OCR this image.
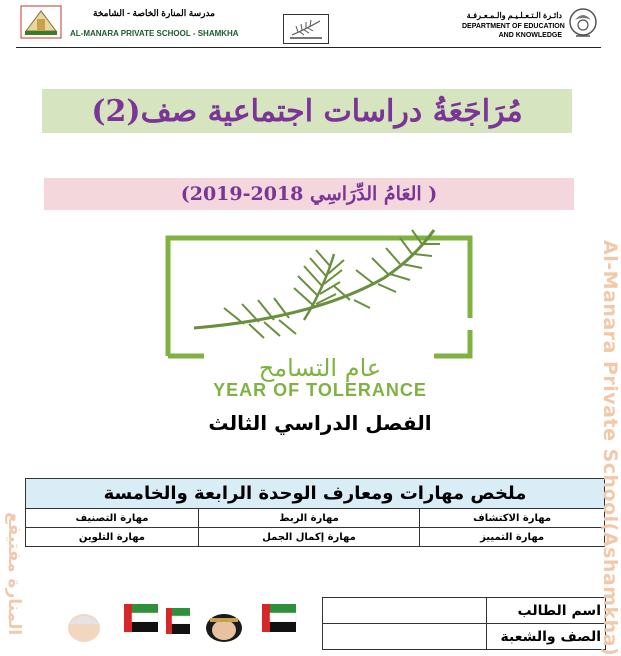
مدرسة المنارة الخاصة - الشامخة
AL-MANARA PRIVATE SCHOOL - SHAMKHA
دائـرة الـتـعـلـيـم والـمـعـرفـة
DEPARTMENT OF EDUCATION
AND KNOWLEDGE
مُرَاجَعَةُ دراسات اجتماعية صف(2)
( العَامُ الدِّرَاسِي 2018-2019)
عام التسامح
YEAR OF TOLERANCE
الفصل الدراسي الثالث
ملخص مهارات ومعارف الوحدة الرابعة والخامسة		
مهارة الاكتشاف	مهارة الربط	مهارة التصنيف
مهارة التمييز	مهارة إكمال الجمل	مهارة التلوين
اسم الطالب	
الصف والشعبة	
Al-Manara Private School(Ashamkha)
المنارة مفتيفع
